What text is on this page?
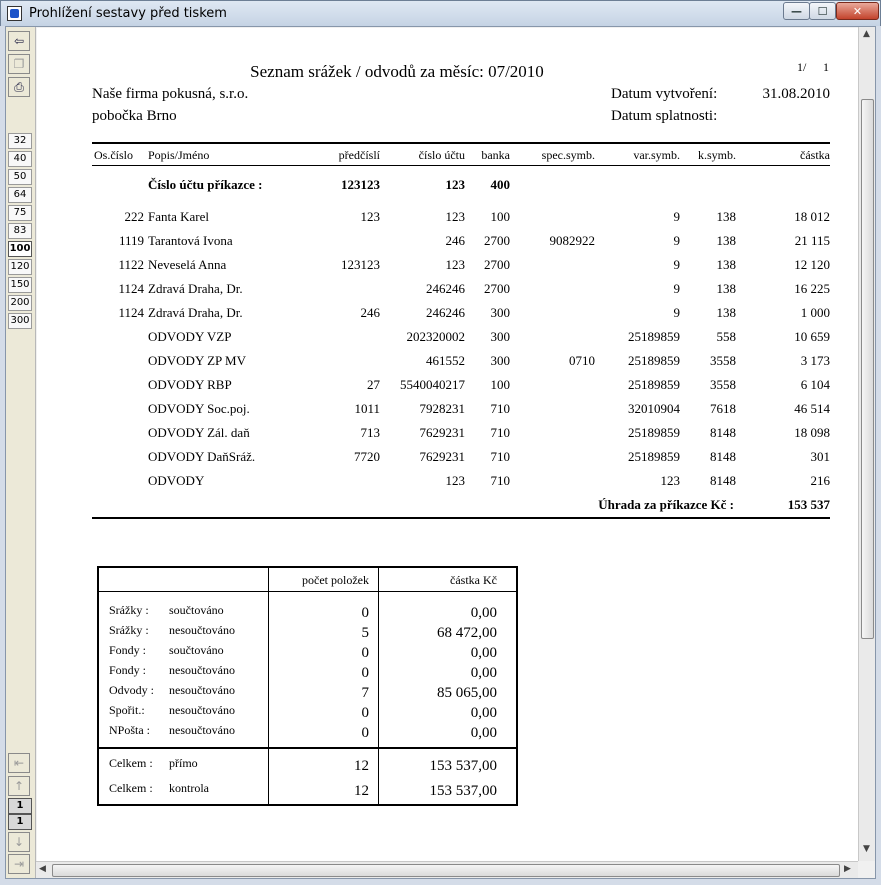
Prohlížení sestavy před tiskem	— ☐ ✕
⇦
❐
⎙
32
40
50
64
75
83
100
120
150
200
300
⇤
↑
1
1
↓
⇥
Seznam srážek / odvodů za měsíc: 07/2010	1/ 1
Naše firma pokusná, s.r.o.
pobočka Brno
Datum vytvoření:	31.08.2010
Datum splatnosti:
Os.číslo	Popis/Jméno	předčíslí	číslo účtu	banka	spec.symb.	var.symb.	k.symb.	částka
Číslo účtu příkazce :	123123	123	400
222 Fanta Karel	123	123	100	9	138	18 012
1119 Tarantová Ivona	246	2700	9082922	9	138	21 115
1122 Neveselá Anna	123123	123	2700	9	138	12 120
1124 Zdravá Draha, Dr.	246246	2700	9	138	16 225
1124 Zdravá Draha, Dr.	246	246246	300	9	138	1 000
ODVODY VZP	202320002	300	25189859	558	10 659
ODVODY ZP MV	461552	300	0710	25189859	3558	3 173
ODVODY RBP	27	5540040217	100	25189859	3558	6 104
ODVODY Soc.poj.	1011	7928231	710	32010904	7618	46 514
ODVODY Zál. daň	713	7629231	710	25189859	8148	18 098
ODVODY DaňSráž.	7720	7629231	710	25189859	8148	301
ODVODY	123	710	123	8148	216
Úhrada za příkazce Kč :	153 537
počet položek	částka Kč
Srážky :	součtováno	0	0,00
Srážky :	nesoučtováno	5	68 472,00
Fondy :	součtováno	0	0,00
Fondy :	nesoučtováno	0	0,00
Odvody :	nesoučtováno	7	85 065,00
Spořit.:	nesoučtováno	0	0,00
NPošta :	nesoučtováno	0	0,00
Celkem :	přímo	12	153 537,00
Celkem :	kontrola	12	153 537,00
▲
▼
◀	▶
